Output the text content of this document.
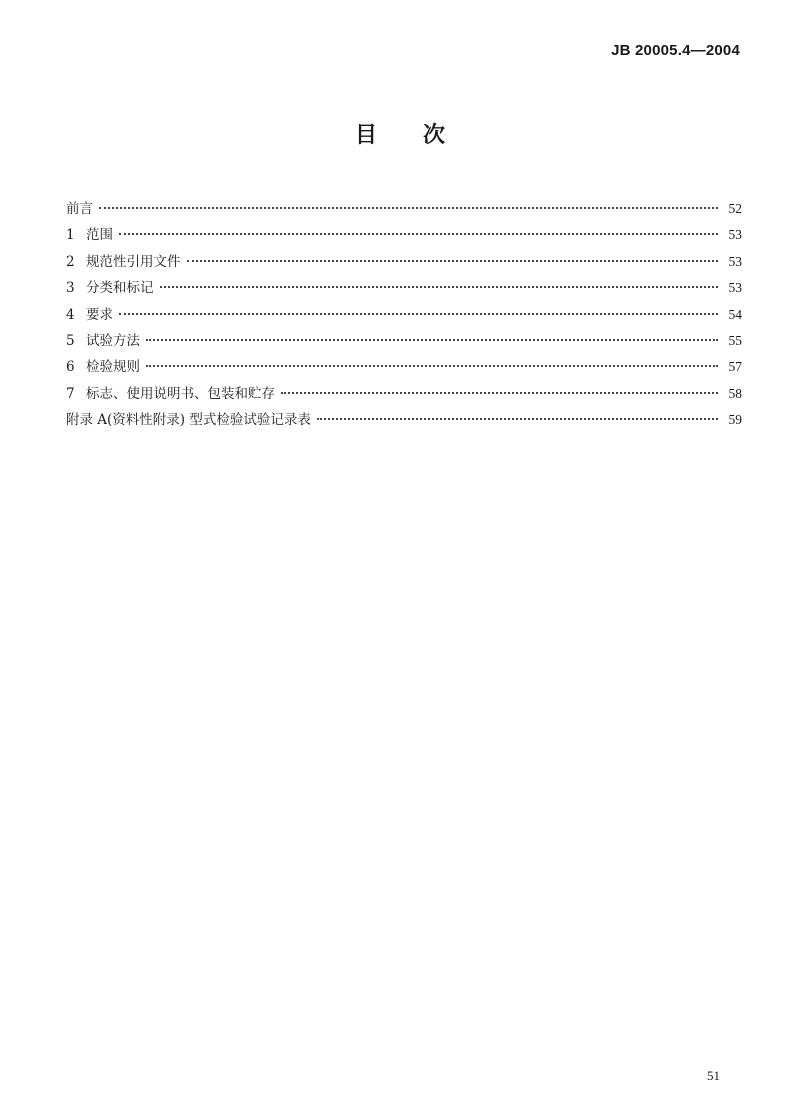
JB 20005.4—2004
目 次
前言	52
1 范围	53
2 规范性引用文件	53
3 分类和标记	53
4 要求	54
5 试验方法	55
6 检验规则	57
7 标志、使用说明书、包装和贮存	58
附录 A(资料性附录) 型式检验试验记录表	59
51
